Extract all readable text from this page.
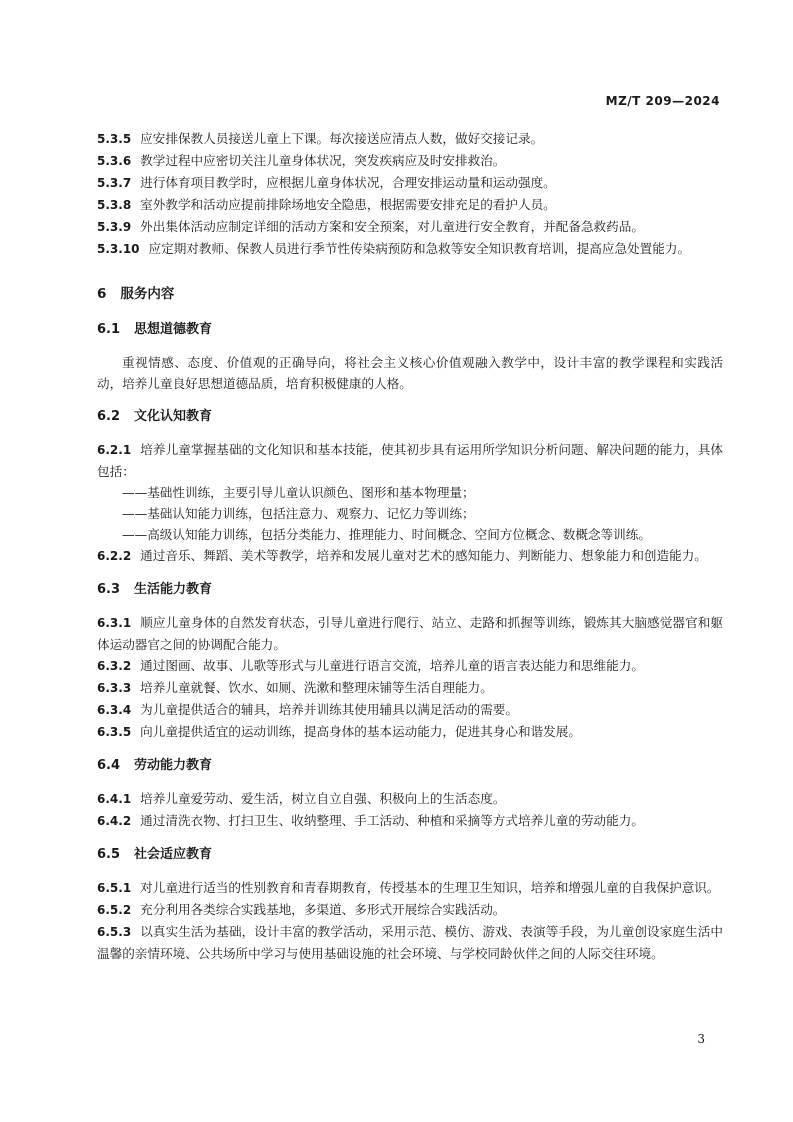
MZ/T 209—2024

5.3.5 应安排保教人员接送儿童上下课。每次接送应清点人数，做好交接记录。

5.3.6 教学过程中应密切关注儿童身体状况，突发疾病应及时安排救治。

5.3.7 进行体育项目教学时，应根据儿童身体状况，合理安排运动量和运动强度。

5.3.8 室外教学和活动应提前排除场地安全隐患，根据需要安排充足的看护人员。

5.3.9 外出集体活动应制定详细的活动方案和安全预案，对儿童进行安全教育，并配备急救药品。

5.3.10 应定期对教师、保教人员进行季节性传染病预防和急救等安全知识教育培训，提高应急处置能力。

6 服务内容
6.1 思想道德教育

重视情感、态度、价值观的正确导向，将社会主义核心价值观融入教学中，设计丰富的教学课程和实践活动，培养儿童良好思想道德品质，培育积极健康的人格。

6.2 文化认知教育

6.2.1 培养儿童掌握基础的文化知识和基本技能，使其初步具有运用所学知识分析问题、解决问题的能力，具体包括：

——基础性训练，主要引导儿童认识颜色、图形和基本物理量；

——基础认知能力训练，包括注意力、观察力、记忆力等训练；

——高级认知能力训练，包括分类能力、推理能力、时间概念、空间方位概念、数概念等训练。

6.2.2 通过音乐、舞蹈、美术等教学，培养和发展儿童对艺术的感知能力、判断能力、想象能力和创造能力。

6.3 生活能力教育

6.3.1 顺应儿童身体的自然发育状态，引导儿童进行爬行、站立、走路和抓握等训练，锻炼其大脑感觉器官和躯体运动器官之间的协调配合能力。

6.3.2 通过图画、故事、儿歌等形式与儿童进行语言交流，培养儿童的语言表达能力和思维能力。

6.3.3 培养儿童就餐、饮水、如厕、洗漱和整理床铺等生活自理能力。

6.3.4 为儿童提供适合的辅具，培养并训练其使用辅具以满足活动的需要。

6.3.5 向儿童提供适宜的运动训练，提高身体的基本运动能力，促进其身心和谐发展。

6.4 劳动能力教育

6.4.1 培养儿童爱劳动、爱生活，树立自立自强、积极向上的生活态度。

6.4.2 通过清洗衣物、打扫卫生、收纳整理、手工活动、种植和采摘等方式培养儿童的劳动能力。

6.5 社会适应教育

6.5.1 对儿童进行适当的性别教育和青春期教育，传授基本的生理卫生知识，培养和增强儿童的自我保护意识。

6.5.2 充分利用各类综合实践基地，多渠道、多形式开展综合实践活动。

6.5.3 以真实生活为基础，设计丰富的教学活动，采用示范、模仿、游戏、表演等手段，为儿童创设家庭生活中温馨的亲情环境、公共场所中学习与使用基础设施的社会环境、与学校同龄伙伴之间的人际交往环境。

3
